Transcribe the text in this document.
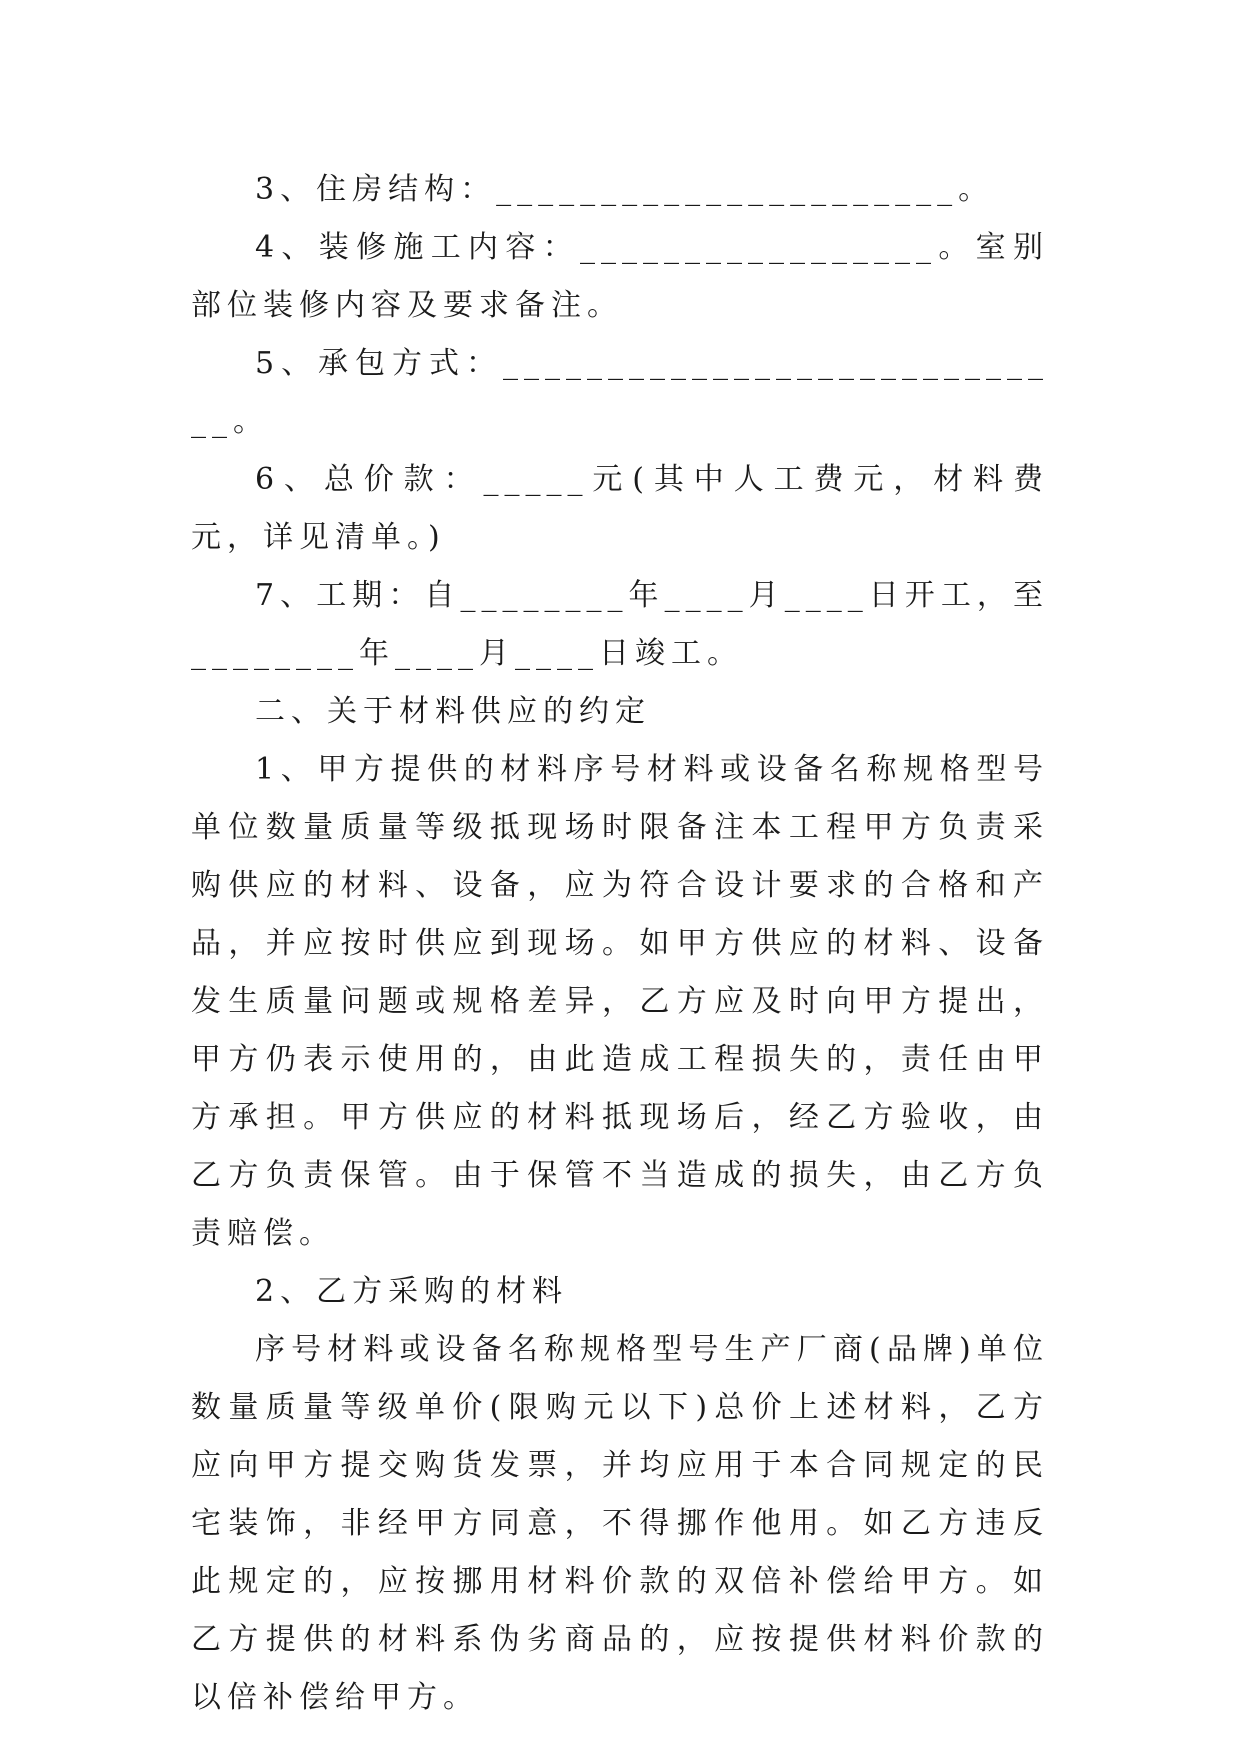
3、住房结构：______________________。

4、装修施工内容：_________________。室别部位装修内容及要求备注。

5、承包方式：____________________________。

6、总价款：_____元(其中人工费元，材料费元，详见清单。)

7、工期：自________年____月____日开工，至________年____月____日竣工。

二、关于材料供应的约定

1、甲方提供的材料序号材料或设备名称规格型号单位数量质量等级抵现场时限备注本工程甲方负责采购供应的材料、设备，应为符合设计要求的合格和产品，并应按时供应到现场。如甲方供应的材料、设备发生质量问题或规格差异，乙方应及时向甲方提出，甲方仍表示使用的，由此造成工程损失的，责任由甲方承担。甲方供应的材料抵现场后，经乙方验收，由乙方负责保管。由于保管不当造成的损失，由乙方负责赔偿。

2、乙方采购的材料

序号材料或设备名称规格型号生产厂商(品牌)单位数量质量等级单价(限购元以下)总价上述材料，乙方应向甲方提交购货发票，并均应用于本合同规定的民宅装饰，非经甲方同意，不得挪作他用。如乙方违反此规定的，应按挪用材料价款的双倍补偿给甲方。如乙方提供的材料系伪劣商品的，应按提供材料价款的以倍补偿给甲方。
